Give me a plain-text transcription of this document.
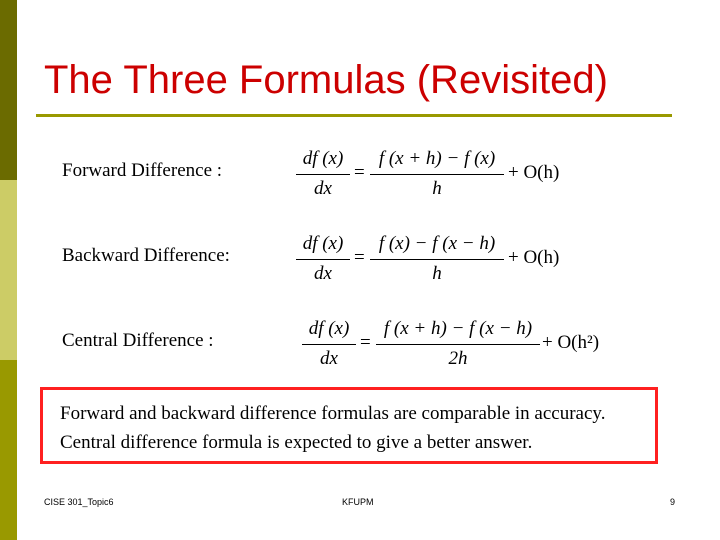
The Three Formulas (Revisited)
Forward Difference :
df (x)
dx
=
f (x + h) − f (x)
h
+ O(h)
Backward Difference:
df (x)
dx
=
f (x) − f (x − h)
h
+ O(h)
Central Difference :
df (x)
dx
=
f (x + h) − f (x − h)
2h
+ O(h²)
Forward and backward difference formulas are comparable in accuracy.
Central difference formula is expected to give a better answer.
CISE 301_Topic6	KFUPM	9
